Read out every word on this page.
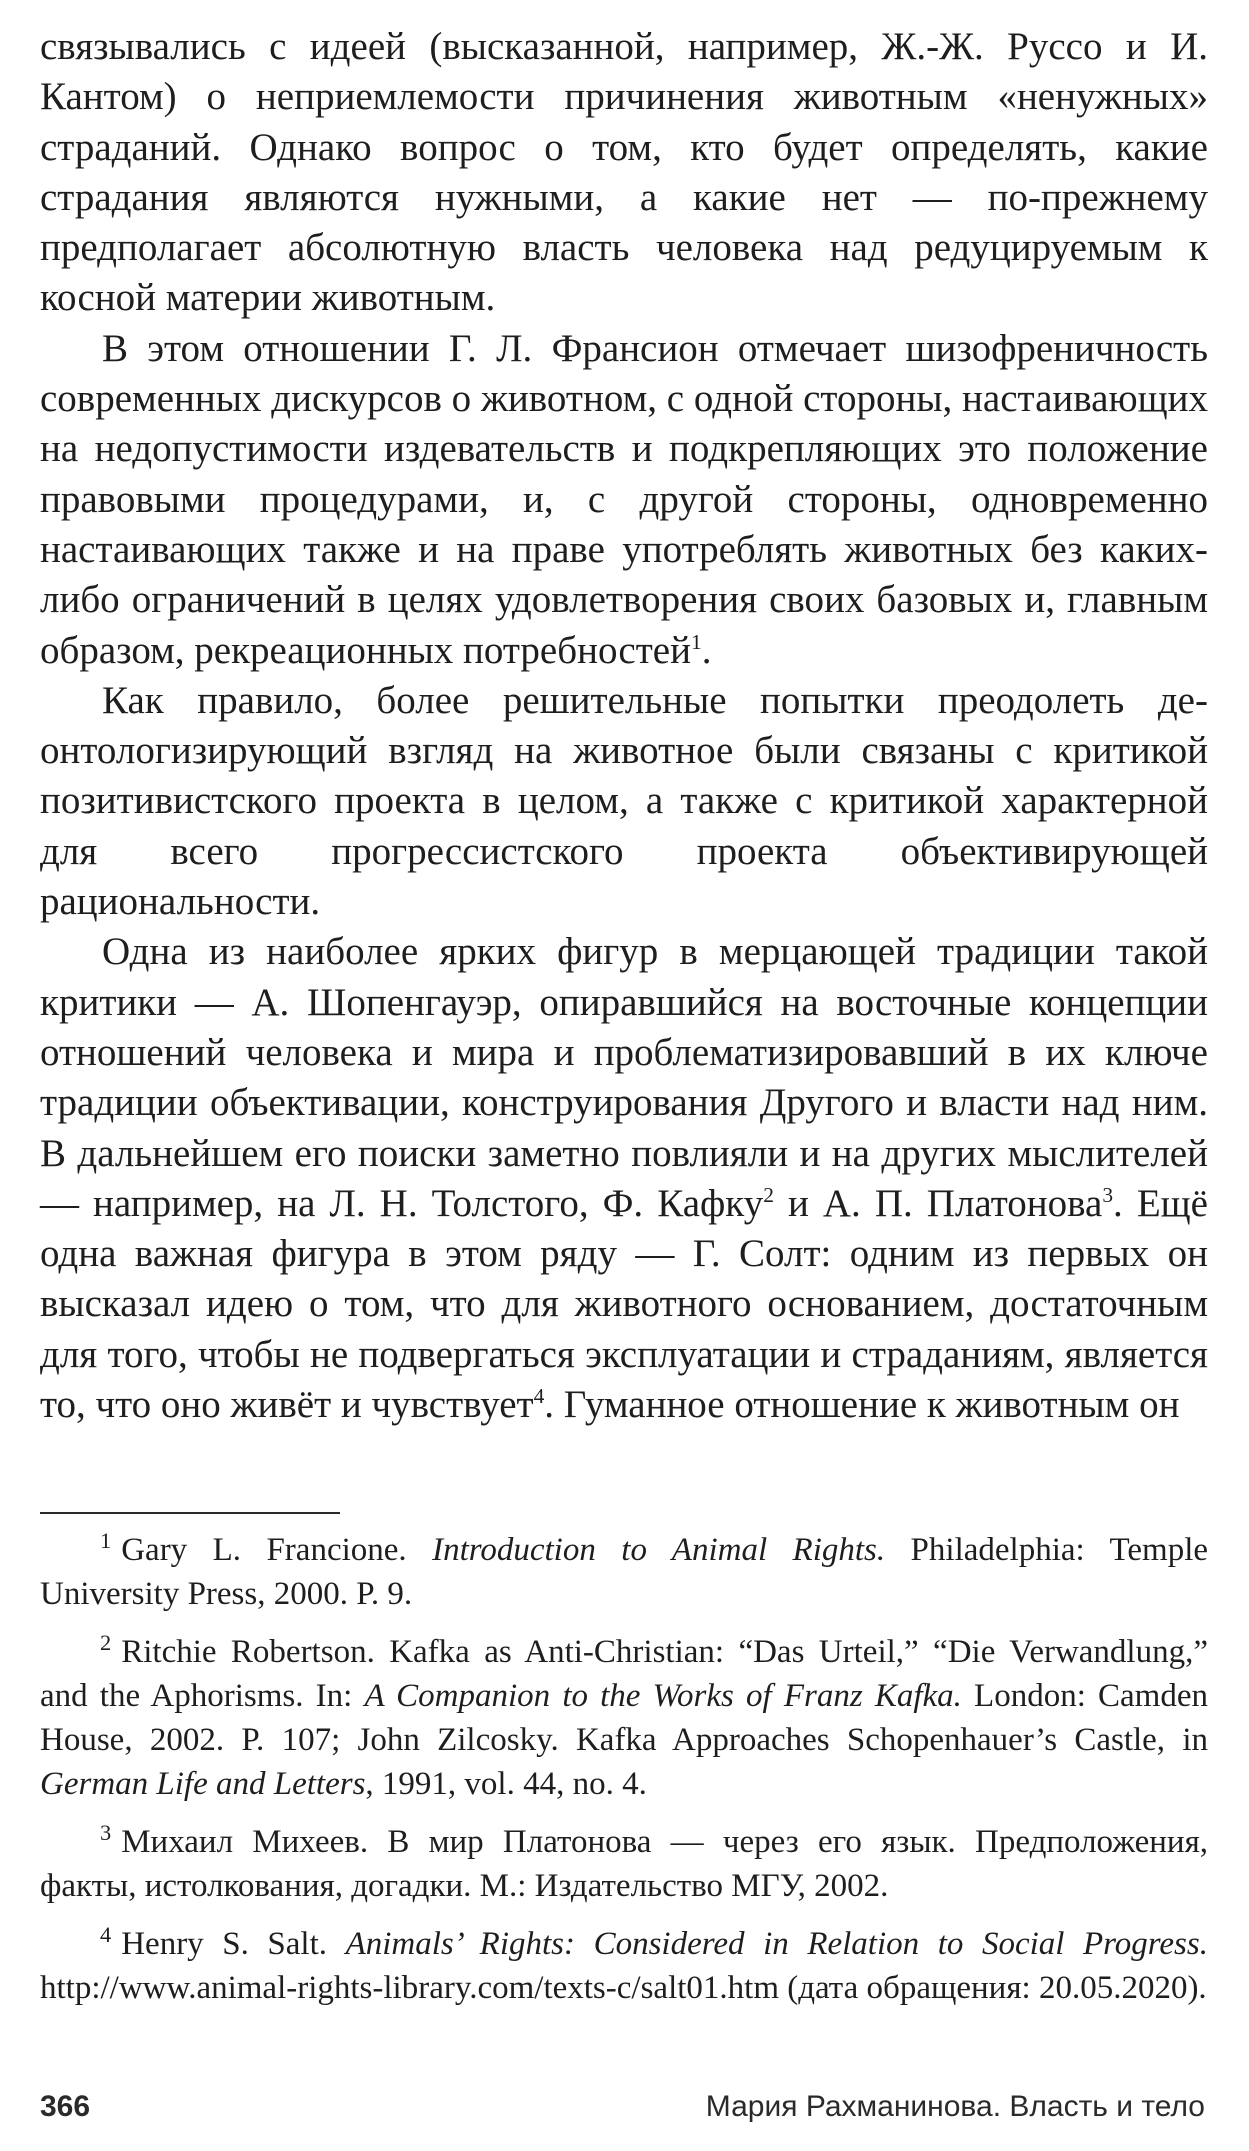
связывались с идеей (высказанной, например, Ж.-Ж. Руссо и И. Кантом) о неприемлемости причинения животным «ненужных» страданий. Однако вопрос о том, кто будет определять, какие страдания являются нужными, а какие нет — по-прежнему предполагает абсолютную власть человека над редуцируемым к косной материи животным.

В этом отношении Г. Л. Франсион отмечает шизофреничность современных дискурсов о животном, с одной стороны, настаивающих на недопустимости издевательств и подкрепляющих это положение правовыми процедурами, и, с другой стороны, одновременно настаивающих также и на праве употреблять животных без каких-либо ограничений в целях удовлетворения своих базовых и, главным образом, рекреационных потребностей$^1$.

Как правило, более решительные попытки преодолеть деонтологизирующий взгляд на животное были связаны с критикой позитивистского проекта в целом, а также с критикой характерной для всего прогрессистского проекта объективирующей рациональности.

Одна из наиболее ярких фигур в мерцающей традиции такой критики — А. Шопенгауэр, опиравшийся на восточные концепции отношений человека и мира и проблематизировавший в их ключе традиции объективации, конструирования Другого и власти над ним. В дальнейшем его поиски заметно повлияли и на других мыслителей — например, на Л. Н. Толстого, Ф. Кафку$^2$ и А. П. Платонова$^3$. Ещё одна важная фигура в этом ряду — Г. Солт: одним из первых он высказал идею о том, что для животного основанием, достаточным для того, чтобы не подвергаться эксплуатации и страданиям, является то, что оно живёт и чувствует$^4$. Гуманное отношение к животным он

$^1$ Gary L. Francione. Introduction to Animal Rights. Philadelphia: Temple University Press, 2000. P. 9.

$^2$ Ritchie Robertson. Kafka as Anti-Christian: “Das Urteil,” “Die Verwandlung,” and the Aphorisms. In: A Companion to the Works of Franz Kafka. London: Camden House, 2002. P. 107; John Zilcosky. Kafka Approaches Schopenhauer’s Castle, in German Life and Letters, 1991, vol. 44, no. 4.

$^3$ Михаил Михеев. В мир Платонова — через его язык. Предположения, факты, истолкования, догадки. М.: Издательство МГУ, 2002.

$^4$ Henry S. Salt. Animals’ Rights: Considered in Relation to Social Progress. http://www.animal-rights-library.com/texts-c/salt01.htm (дата обращения: 20.05.2020).

366	Мария Рахманинова. Власть и тело
